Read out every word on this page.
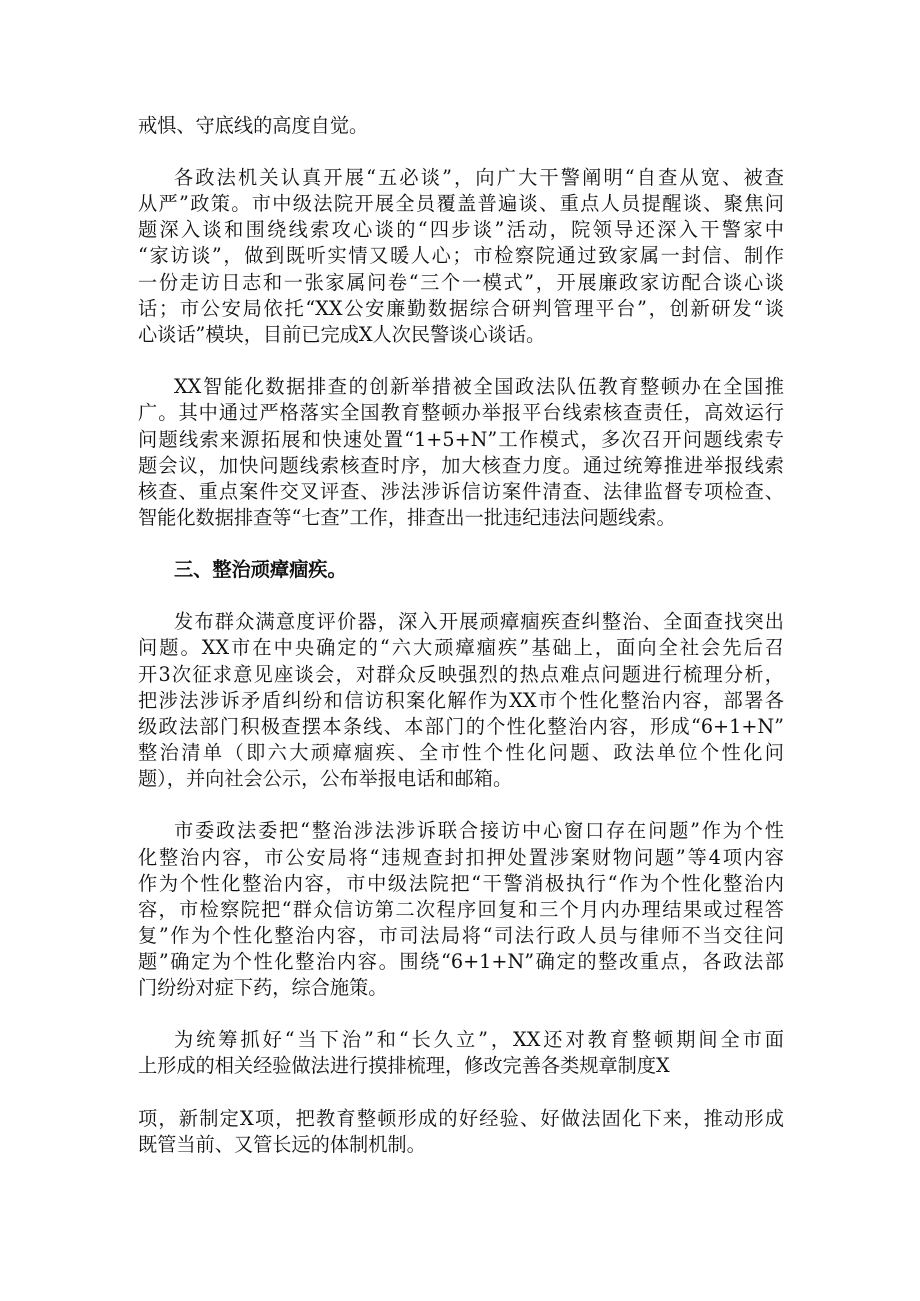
戒惧、守底线的高度自觉。
各政法机关认真开展“五必谈”，向广大干警阐明“自查从宽、被查
从严”政策。市中级法院开展全员覆盖普遍谈、重点人员提醒谈、聚焦问
题深入谈和围绕线索攻心谈的“四步谈”活动，院领导还深入干警家中
“家访谈”，做到既听实情又暖人心；市检察院通过致家属一封信、制作
一份走访日志和一张家属问卷“三个一模式”，开展廉政家访配合谈心谈
话；市公安局依托“XX公安廉勤数据综合研判管理平台”，创新研发“谈
心谈话”模块，目前已完成X人次民警谈心谈话。
XX智能化数据排查的创新举措被全国政法队伍教育整顿办在全国推
广。其中通过严格落实全国教育整顿办举报平台线索核查责任，高效运行
问题线索来源拓展和快速处置“1+5+N”工作模式，多次召开问题线索专
题会议，加快问题线索核查时序，加大核查力度。通过统筹推进举报线索
核查、重点案件交叉评查、涉法涉诉信访案件清查、法律监督专项检查、
智能化数据排查等“七查”工作，排查出一批违纪违法问题线索。
三、整治顽瘴痼疾。
发布群众满意度评价器，深入开展顽瘴痼疾查纠整治、全面查找突出
问题。XX市在中央确定的“六大顽瘴痼疾”基础上，面向全社会先后召
开3次征求意见座谈会，对群众反映强烈的热点难点问题进行梳理分析，
把涉法涉诉矛盾纠纷和信访积案化解作为XX市个性化整治内容，部署各
级政法部门积极查摆本条线、本部门的个性化整治内容，形成“6+1+N”
整治清单（即六大顽瘴痼疾、全市性个性化问题、政法单位个性化问
题），并向社会公示，公布举报电话和邮箱。
市委政法委把“整治涉法涉诉联合接访中心窗口存在问题”作为个性
化整治内容，市公安局将“违规查封扣押处置涉案财物问题”等4项内容
作为个性化整治内容，市中级法院把“干警消极执行“作为个性化整治内
容，市检察院把“群众信访第二次程序回复和三个月内办理结果或过程答
复”作为个性化整治内容，市司法局将“司法行政人员与律师不当交往问
题”确定为个性化整治内容。围绕“6+1+N”确定的整改重点，各政法部
门纷纷对症下药，综合施策。
为统筹抓好“当下治”和“长久立”，XX还对教育整顿期间全市面
上形成的相关经验做法进行摸排梳理，修改完善各类规章制度X
项，新制定X项，把教育整顿形成的好经验、好做法固化下来，推动形成
既管当前、又管长远的体制机制。
